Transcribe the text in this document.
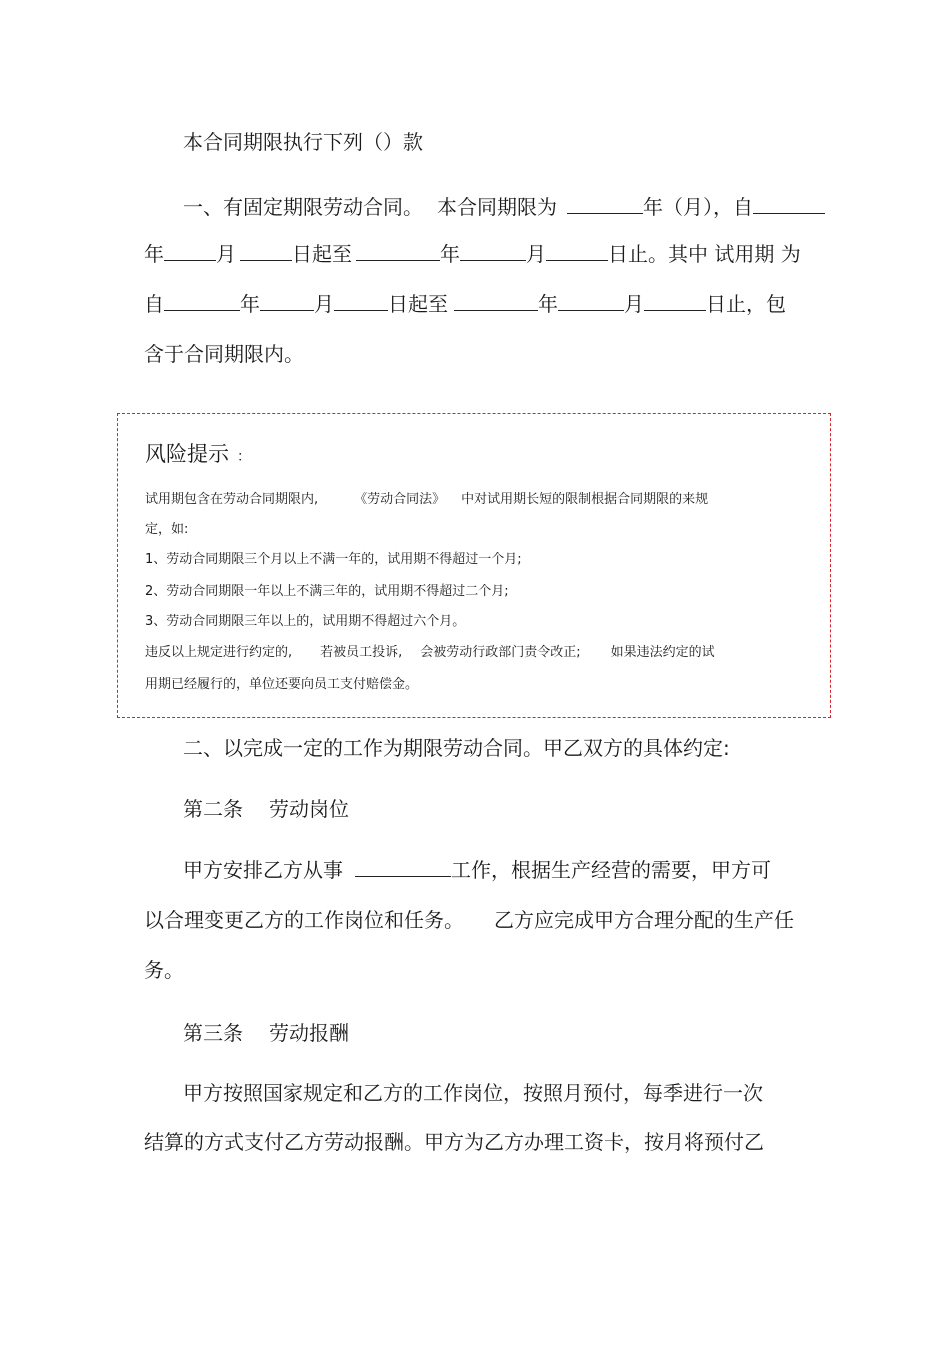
本合同期限执行下列（）款
一、有固定期限劳动合同。 本合同期限为	年（月），自
年	月	日起至	年	月	日止。其中 试用期 为
自	年	月	日起至	年	月	日止，包
含于合同期限内。
风险提示 ：
试用期包含在劳动合同期限内,	《劳动合同法》 中对试用期长短的限制根据合同期限的来规
定，如:
1、劳动合同期限三个月以上不满一年的，试用期不得超过一个月;
2、劳动合同期限一年以上不满三年的，试用期不得超过二个月;
3、劳动合同期限三年以上的，试用期不得超过六个月。
违反以上规定进行约定的, 若被员工投诉, 会被劳动行政部门责令改正; 如果违法约定的试
用期已经履行的，单位还要向员工支付赔偿金。
二、以完成一定的工作为期限劳动合同。甲乙双方的具体约定:
第二条 劳动岗位
甲方安排乙方从事	工作，根据生产经营的需要，甲方可
以合理变更乙方的工作岗位和任务。 乙方应完成甲方合理分配的生产任
务。
第三条 劳动报酬
甲方按照国家规定和乙方的工作岗位，按照月预付，每季进行一次
结算的方式支付乙方劳动报酬。甲方为乙方办理工资卡，按月将预付乙
